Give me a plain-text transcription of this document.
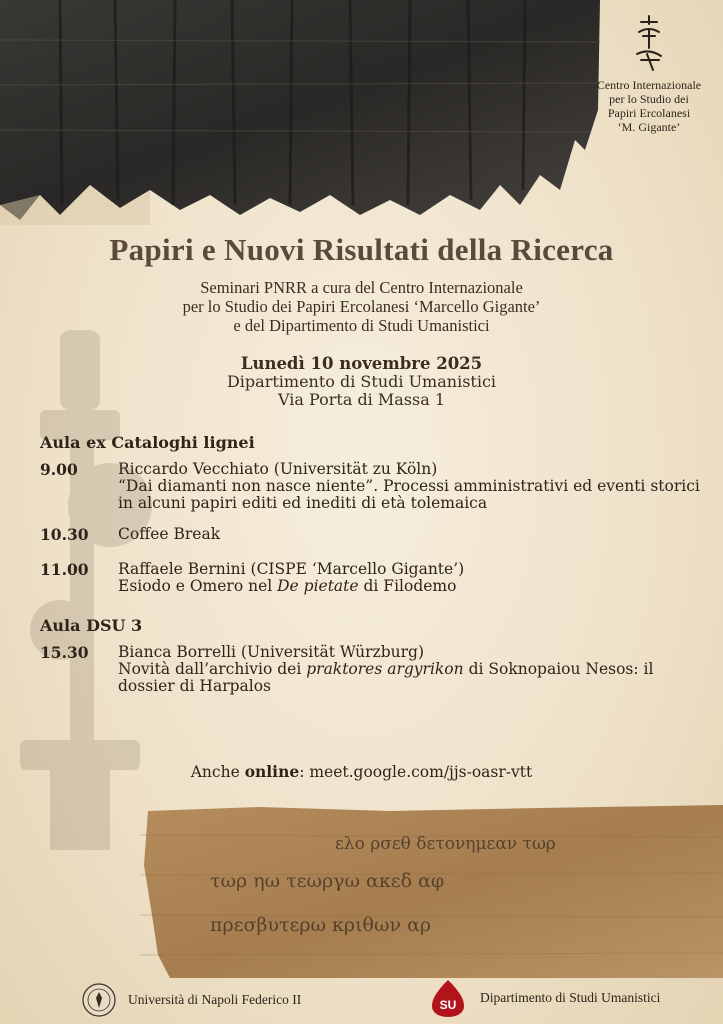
Centro Internazionale
per lo Studio dei
Papiri Ercolanesi
‘M. Gigante’
Papiri e Nuovi Risultati della Ricerca
Seminari PNRR a cura del Centro Internazionale
per lo Studio dei Papiri Ercolanesi ‘Marcello Gigante’
e del Dipartimento di Studi Umanistici
Lunedì 10 novembre 2025
Dipartimento di Studi Umanistici
Via Porta di Massa 1
Aula ex Cataloghi lignei
9.00	Riccardo Vecchiato (Universität zu Köln)
“Dai diamanti non nasce niente”. Processi amministrativi ed eventi storici in alcuni papiri editi ed inediti di età tolemaica
10.30	Coffee Break
11.00	Raffaele Bernini (CISPE ‘Marcello Gigante’)
Esiodo e Omero nel De pietate di Filodemo
Aula DSU 3
15.30	Bianca Borrelli (Universität Würzburg)
Novità dall’archivio dei praktores argyrikon di Soknopaiou Nesos: il dossier di Harpalos
Anche online: meet.google.com/jjs-oasr-vtt
ελο ρσεθ δετονημεαν τωρ
τωρ ηω τεωργω ακεδ αφ
πρεσβυτερω κριθων αρ
Università di Napoli Federico II	SU Dipartimento di Studi Umanistici
